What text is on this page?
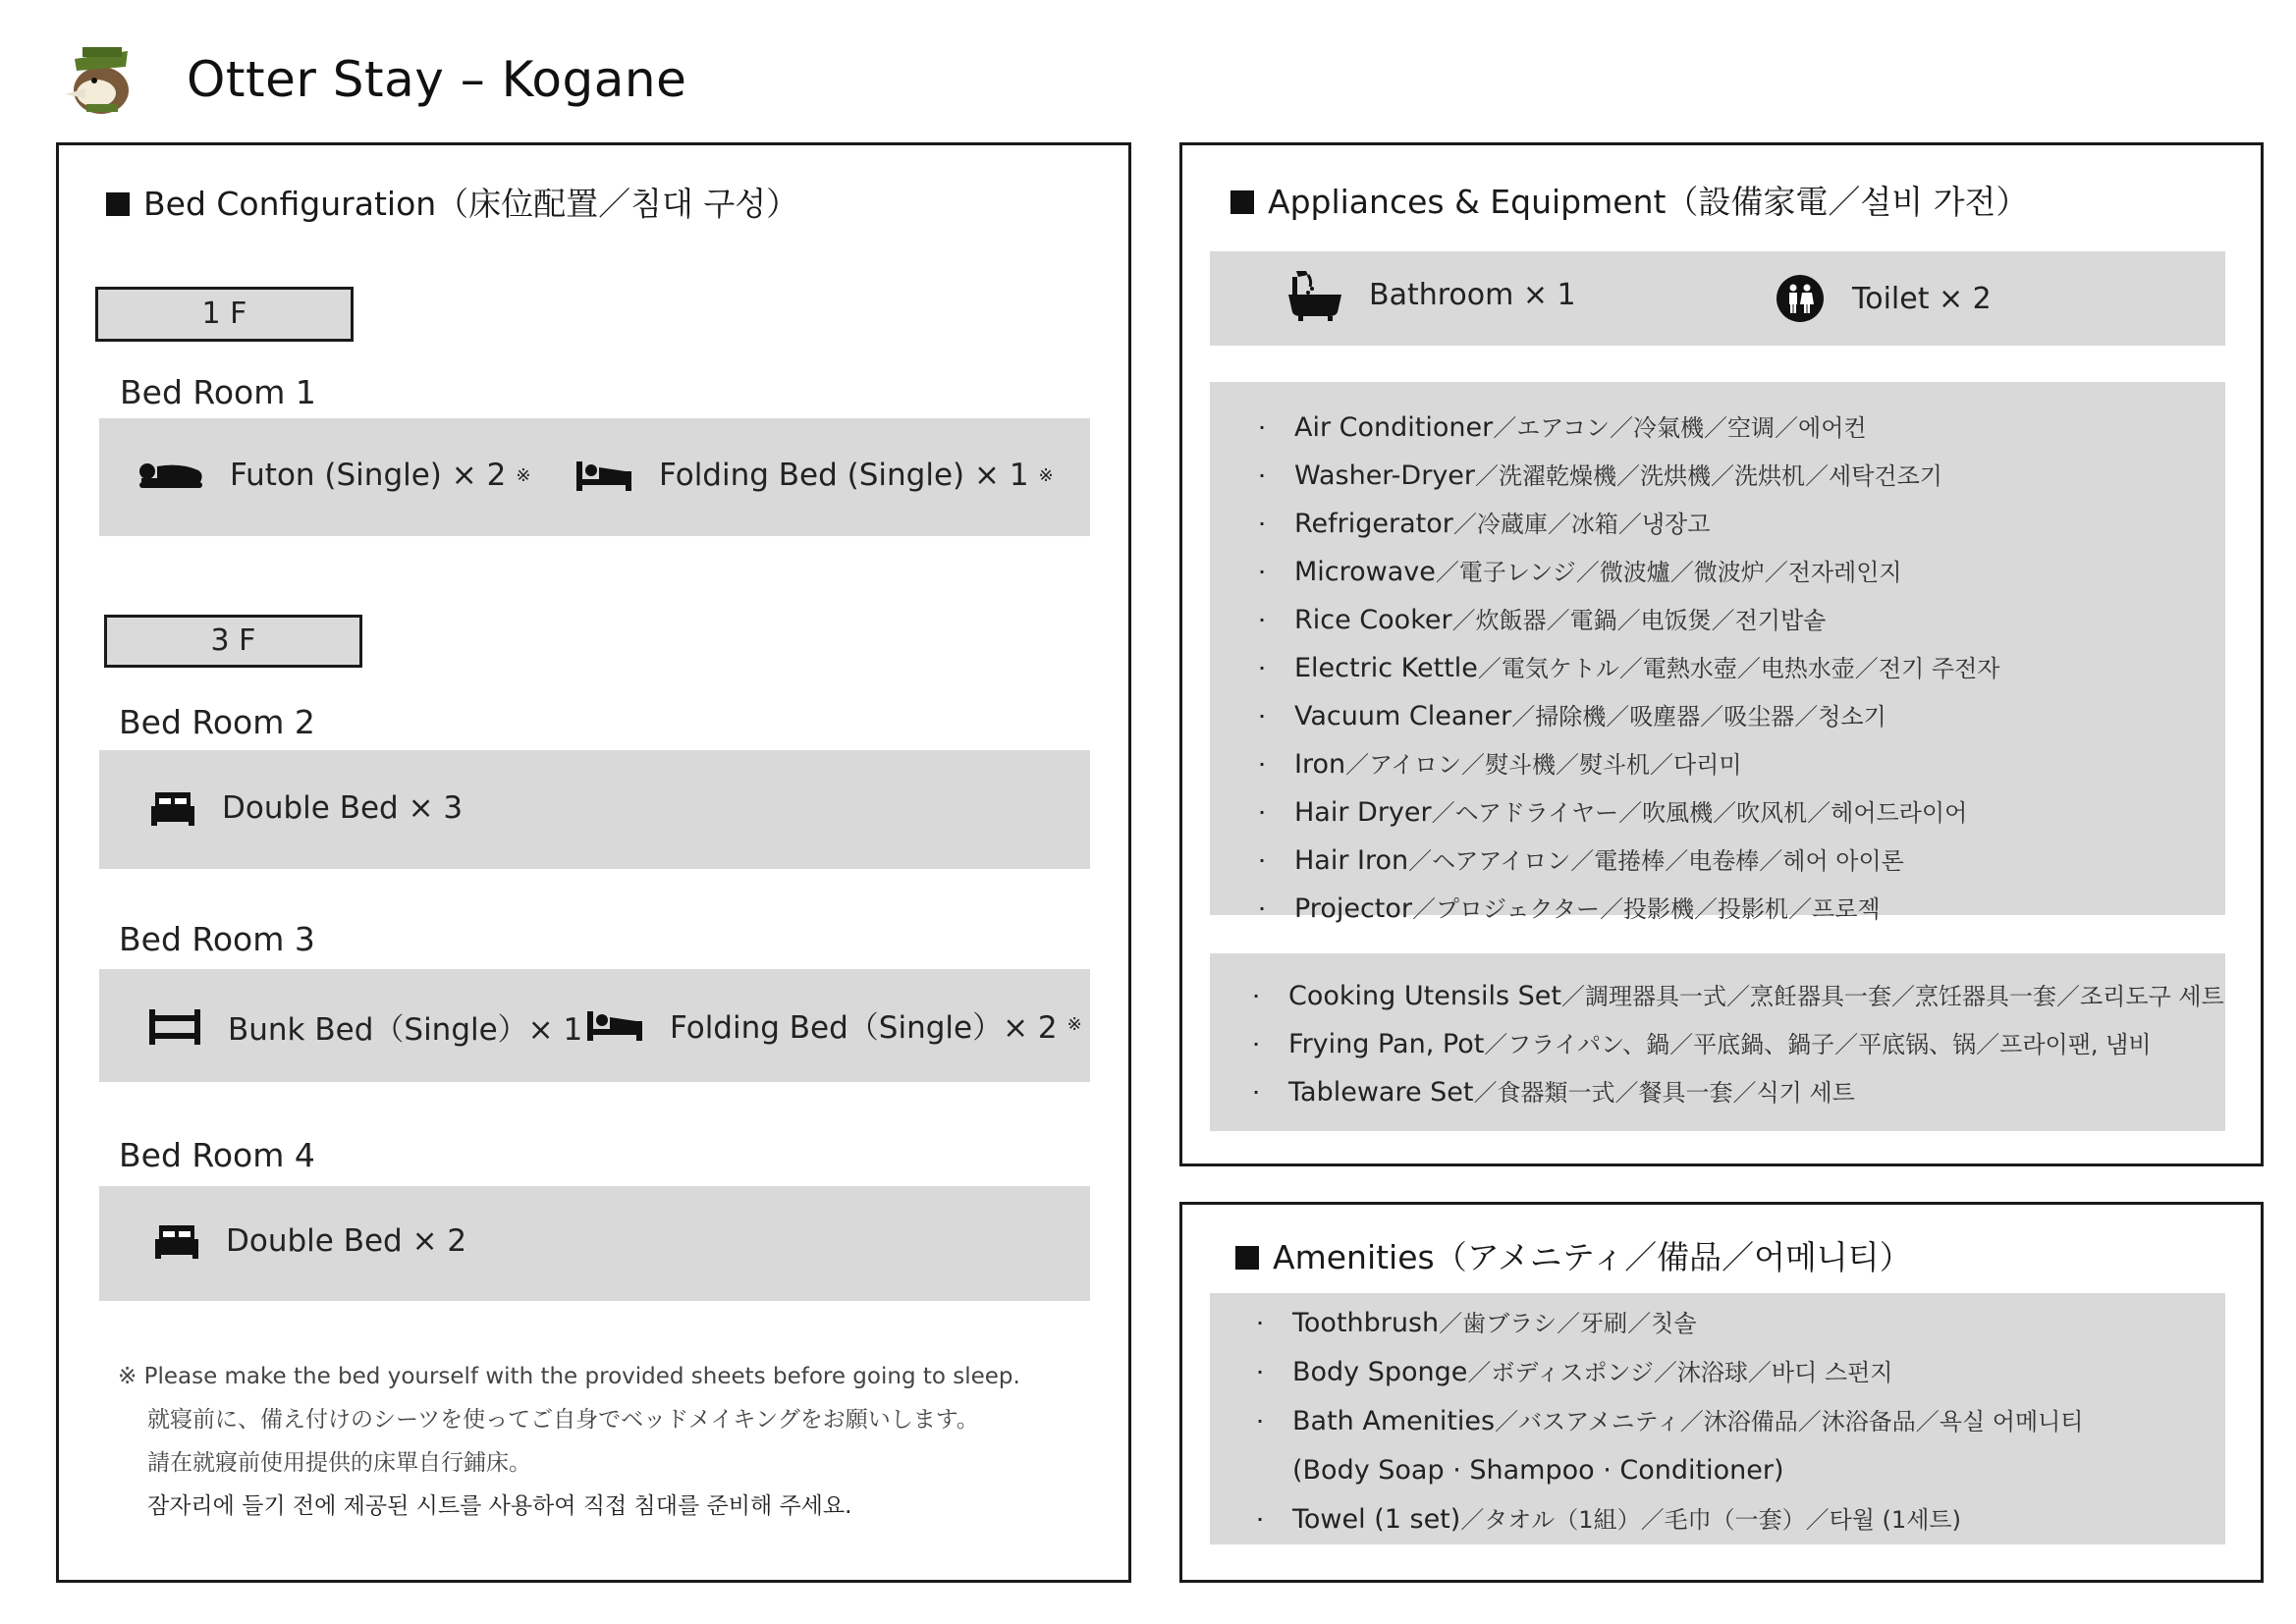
Otter Stay – Kogane
Bed Configuration（床位配置／침대 구성）
1 F
Bed Room 1
Futon (Single) × 2 ※	Folding Bed (Single) × 1 ※
3 F
Bed Room 2
Double Bed × 3
Bed Room 3
Bunk Bed（Single）× 1	Folding Bed（Single）× 2 ※
Bed Room 4
Double Bed × 2
※ Please make the bed yourself with the provided sheets before going to sleep.
就寝前に、備え付けのシーツを使ってご自身でベッドメイキングをお願いします。
請在就寢前使用提供的床單自行鋪床。
잠자리에 들기 전에 제공된 시트를 사용하여 직접 침대를 준비해 주세요.
Appliances & Equipment（設備家電／설비 가전）
Bathroom × 1	Toilet × 2
· Air Conditioner／エアコン／冷氣機／空调／에어컨
· Washer-Dryer／洗濯乾燥機／洗烘機／洗烘机／세탁건조기
· Refrigerator／冷蔵庫／冰箱／냉장고
· Microwave／電子レンジ／微波爐／微波炉／전자레인지
· Rice Cooker／炊飯器／電鍋／电饭煲／전기밥솥
· Electric Kettle／電気ケトル／電熱水壺／电热水壶／전기 주전자
· Vacuum Cleaner／掃除機／吸塵器／吸尘器／청소기
· Iron／アイロン／熨斗機／熨斗机／다리미
· Hair Dryer／ヘアドライヤー／吹風機／吹风机／헤어드라이어
· Hair Iron／ヘアアイロン／電捲棒／电卷棒／헤어 아이론
· Projector／プロジェクター／投影機／投影机／프로젝
· Cooking Utensils Set／調理器具一式／烹飪器具一套／烹饪器具一套／조리도구 세트
· Frying Pan, Pot／フライパン、鍋／平底鍋、鍋子／平底锅、锅／프라이팬, 냄비
· Tableware Set／食器類一式／餐具一套／식기 세트
Amenities（アメニティ／備品／어메니티）
· Toothbrush／歯ブラシ／牙刷／칫솔
· Body Sponge／ボディスポンジ／沐浴球／바디 스펀지
· Bath Amenities／バスアメニティ／沐浴備品／沐浴备品／욕실 어메니티
(Body Soap · Shampoo · Conditioner)
· Towel (1 set)／タオル（1組）／毛巾（一套）／타월 (1세트)
